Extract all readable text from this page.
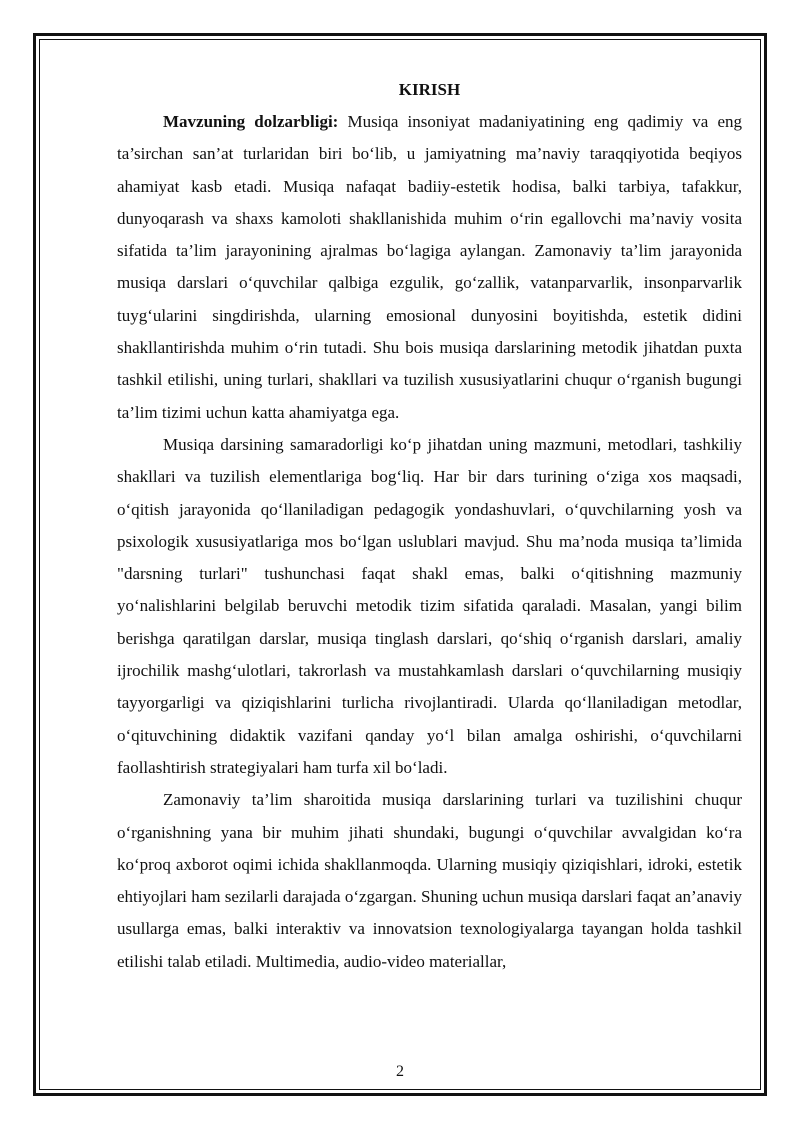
KIRISH

Mavzuning dolzarbligi: Musiqa insoniyat madaniyatining eng qadimiy va eng ta’sirchan san’at turlaridan biri bo‘lib, u jamiyatning ma’naviy taraqqiyotida beqiyos ahamiyat kasb etadi. Musiqa nafaqat badiiy-estetik hodisa, balki tarbiya, tafakkur, dunyoqarash va shaxs kamoloti shakllanishida muhim o‘rin egallovchi ma’naviy vosita sifatida ta’lim jarayonining ajralmas bo‘lagiga aylangan. Zamonaviy ta’lim jarayonida musiqa darslari o‘quvchilar qalbiga ezgulik, go‘zallik, vatanparvarlik, insonparvarlik tuyg‘ularini singdirishda, ularning emosional dunyosini boyitishda, estetik didini shakllantirishda muhim o‘rin tutadi. Shu bois musiqa darslarining metodik jihatdan puxta tashkil etilishi, uning turlari, shakllari va tuzilish xususiyatlarini chuqur o‘rganish bugungi ta’lim tizimi uchun katta ahamiyatga ega.

Musiqa darsining samaradorligi ko‘p jihatdan uning mazmuni, metodlari, tashkiliy shakllari va tuzilish elementlariga bog‘liq. Har bir dars turining o‘ziga xos maqsadi, o‘qitish jarayonida qo‘llaniladigan pedagogik yondashuvlari, o‘quvchilarning yosh va psixologik xususiyatlariga mos bo‘lgan uslublari mavjud. Shu ma’noda musiqa ta’limida "darsning turlari" tushunchasi faqat shakl emas, balki o‘qitishning mazmuniy yo‘nalishlarini belgilab beruvchi metodik tizim sifatida qaraladi. Masalan, yangi bilim berishga qaratilgan darslar, musiqa tinglash darslari, qo‘shiq o‘rganish darslari, amaliy ijrochilik mashg‘ulotlari, takrorlash va mustahkamlash darslari o‘quvchilarning musiqiy tayyorgarligi va qiziqishlarini turlicha rivojlantiradi. Ularda qo‘llaniladigan metodlar, o‘qituvchining didaktik vazifani qanday yo‘l bilan amalga oshirishi, o‘quvchilarni faollashtirish strategiyalari ham turfa xil bo‘ladi.

Zamonaviy ta’lim sharoitida musiqa darslarining turlari va tuzilishini chuqur o‘rganishning yana bir muhim jihati shundaki, bugungi o‘quvchilar avvalgidan ko‘ra ko‘proq axborot oqimi ichida shakllanmoqda. Ularning musiqiy qiziqishlari, idroki, estetik ehtiyojlari ham sezilarli darajada o‘zgargan. Shuning uchun musiqa darslari faqat an’anaviy usullarga emas, balki interaktiv va innovatsion texnologiyalarga tayangan holda tashkil etilishi talab etiladi. Multimedia, audio-video materiallar,

2
